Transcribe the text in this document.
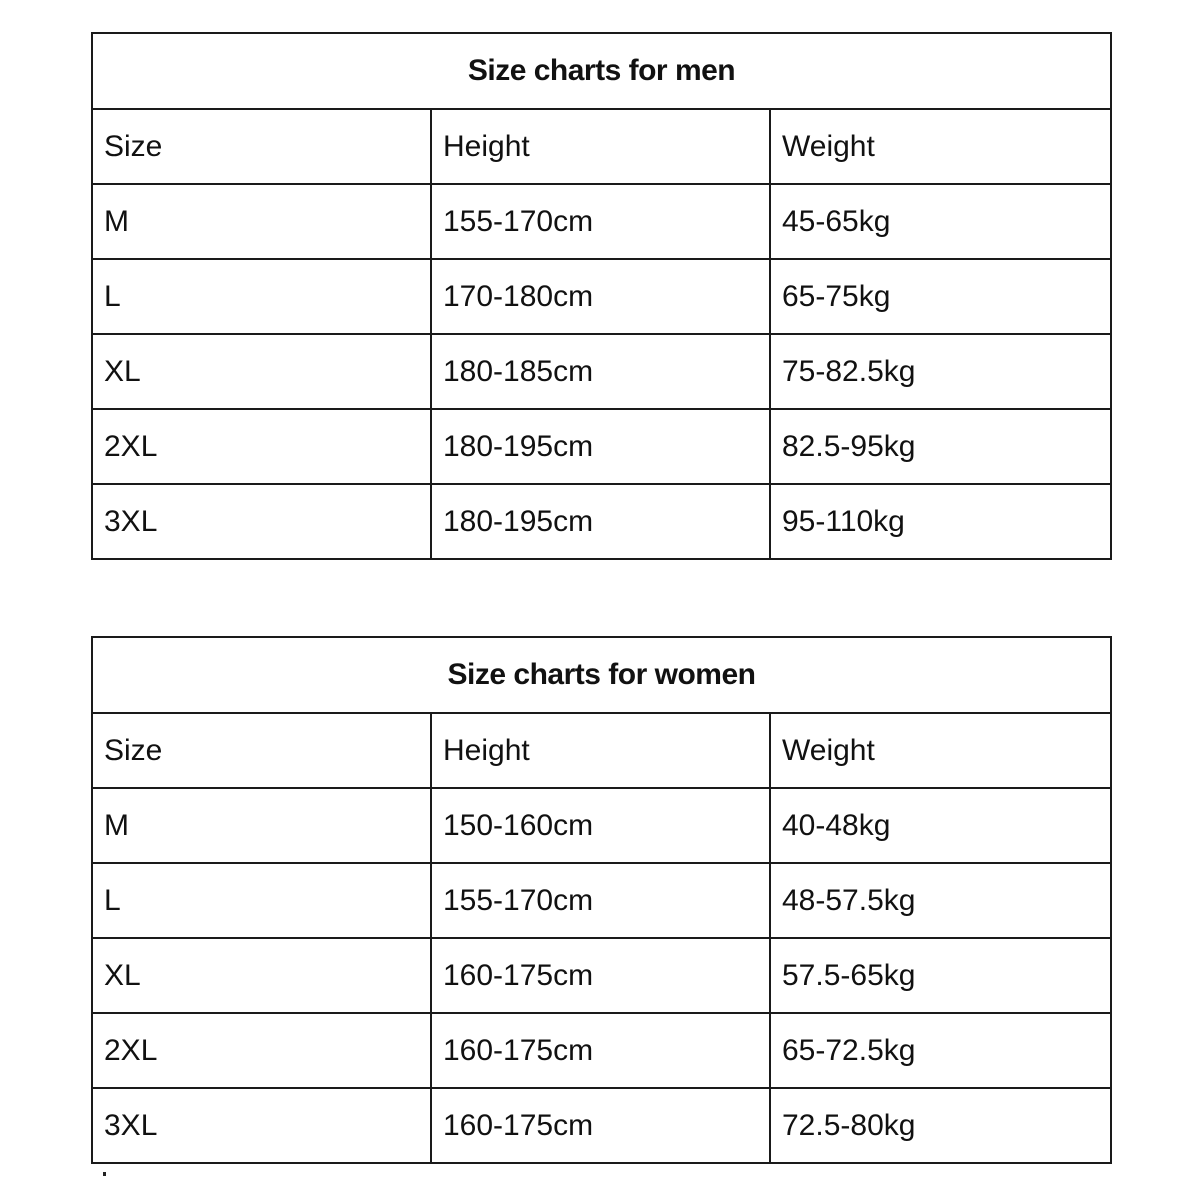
Size charts for men		
Size	Height	Weight
M	155-170cm	45-65kg
L	170-180cm	65-75kg
XL	180-185cm	75-82.5kg
2XL	180-195cm	82.5-95kg
3XL	180-195cm	95-110kg
Size charts for women		
Size	Height	Weight
M	150-160cm	40-48kg
L	155-170cm	48-57.5kg
XL	160-175cm	57.5-65kg
2XL	160-175cm	65-72.5kg
3XL	160-175cm	72.5-80kg
